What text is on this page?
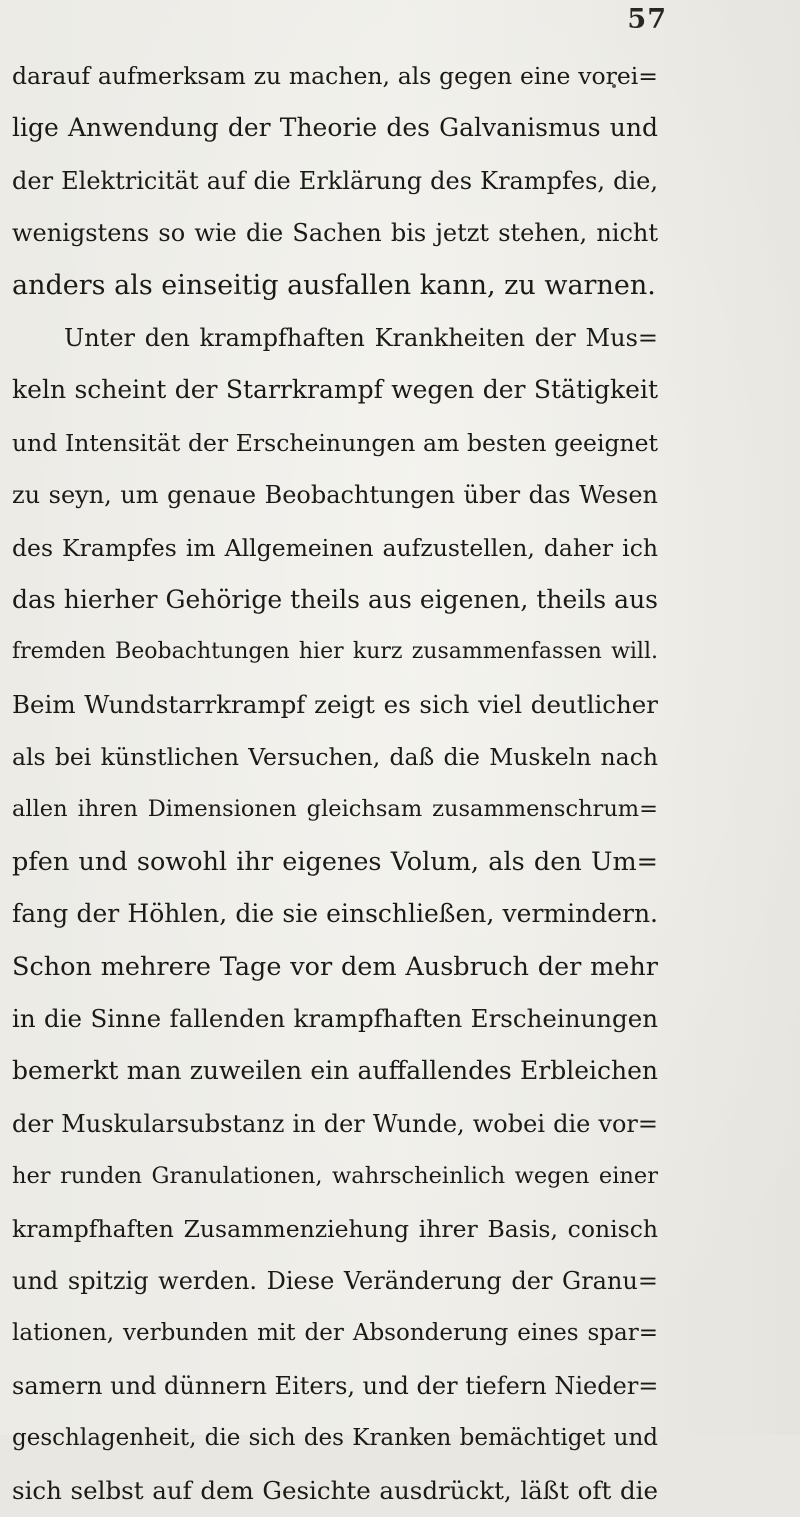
57
darauf aufmerksam zu machen, als gegen eine vorei=
lige Anwendung der Theorie des Galvanismus und
der Elektricität auf die Erklärung des Krampfes, die,
wenigstens so wie die Sachen bis jetzt stehen, nicht
anders als einseitig ausfallen kann, zu warnen.
Unter den krampfhaften Krankheiten der Mus=
keln scheint der Starrkrampf wegen der Stätigkeit
und Intensität der Erscheinungen am besten geeignet
zu seyn, um genaue Beobachtungen über das Wesen
des Krampfes im Allgemeinen aufzustellen, daher ich
das hierher Gehörige theils aus eigenen, theils aus
fremden Beobachtungen hier kurz zusammenfassen will.
Beim Wundstarrkrampf zeigt es sich viel deutlicher
als bei künstlichen Versuchen, daß die Muskeln nach
allen ihren Dimensionen gleichsam zusammenschrum=
pfen und sowohl ihr eigenes Volum, als den Um=
fang der Höhlen, die sie einschließen, vermindern.
Schon mehrere Tage vor dem Ausbruch der mehr
in die Sinne fallenden krampfhaften Erscheinungen
bemerkt man zuweilen ein auffallendes Erbleichen
der Muskularsubstanz in der Wunde, wobei die vor=
her runden Granulationen, wahrscheinlich wegen einer
krampfhaften Zusammenziehung ihrer Basis, conisch
und spitzig werden. Diese Veränderung der Granu=
lationen, verbunden mit der Absonderung eines spar=
samern und dünnern Eiters, und der tiefern Nieder=
geschlagenheit, die sich des Kranken bemächtiget und
sich selbst auf dem Gesichte ausdrückt, läßt oft die
